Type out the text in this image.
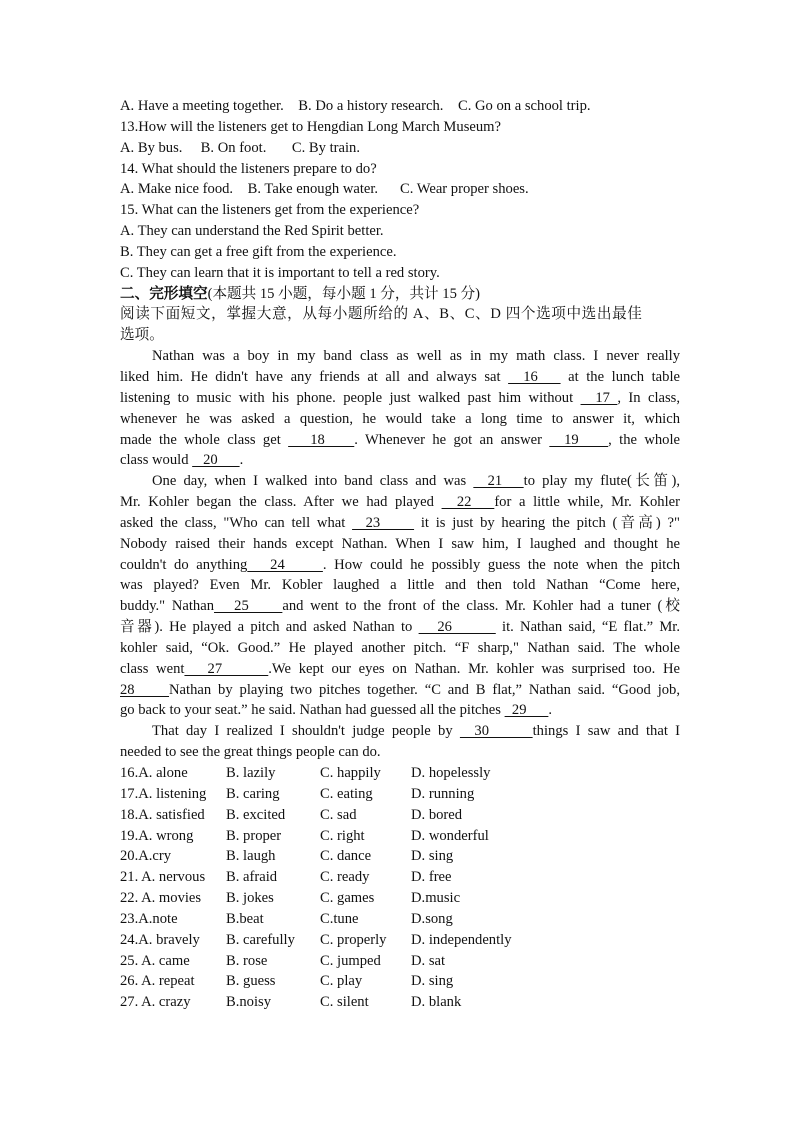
A. Have a meeting together.    B. Do a history research.    C. Go on a school trip.
13.How will the listeners get to Hengdian Long March Museum?
A. By bus.     B. On foot.       C. By train.
14. What should the listeners prepare to do?
A. Make nice food.    B. Take enough water.      C. Wear proper shoes.
15. What can the listeners get from the experience?
A. They can understand the Red Spirit better.
B. They can get a free gift from the experience.
C. They can learn that it is important to tell a red story.
二、完形填空(本题共 15 小题，每小题 1 分，共计 15 分)
阅读下面短文，掌握大意，从每小题所给的 A、B、C、D 四个选项中选出最佳
选项。
Nathan was a boy in my band class as well as in my math class. I never really
liked him. He didn't have any friends at all and always sat   16    at the lunch table
listening to music with his phone. people just walked past him without   17 , In class,
whenever he was asked a question, he would take a long time to answer it, which
made the whole class get    18    . Whenever he got an answer   19    , the whole
class would    20      .
One day, when I walked into band class and was   21   to play my flute(长笛),
Mr. Kohler began the class. After we had played   22   for a little while, Mr. Kohler
asked the class, "Who can tell what   23      it is just by hearing the pitch (音高) ?"
Nobody raised their hands except Nathan. When I saw him, I laughed and thought he
couldn't do anything   24     . How could he possibly guess the note when the pitch
was played? Even Mr. Kobler laughed a little and then told Nathan “Come here,
buddy." Nathan   25     and went to the front of the class. Mr. Kohler had a tuner (校
音器). He played a pitch and asked Nathan to    26        it. Nathan said, “E flat.” Mr.
kohler said, “Ok. Good.” He played another pitch. “F sharp," Nathan said. The whole
class went   27      .We kept our eyes on Nathan. Mr. kohler was surprised too. He
28     Nathan by playing two pitches together. “C and B flat,” Nathan said. “Good job,
go back to your seat.” he said. Nathan had guessed all the pitches   29      .
That day I realized I shouldn't judge people by   30      things I saw and that I
needed to see the great things people can do.
16.A. alone	B. lazily	C. happily D. hopelessly
17.A. listening B. caring	C. eating	D. running
18.A. satisfied B. excited C. sad	D. bored
19.A. wrong B. proper	C. right	D. wonderful
20.A.cry	B. laugh	C. dance	D. sing
21. A. nervous B. afraid	C. ready	D. free
22. A. movies B. jokes	C. games	D.music
23.A.note	B.beat	C.tune	D.song
24.A. bravely B. carefully C. properly D. independently
25. A. came B. rose	C. jumped D. sat
26. A. repeat B. guess	C. play	D. sing
27. A. crazy B.noisy	C. silent	D. blank
